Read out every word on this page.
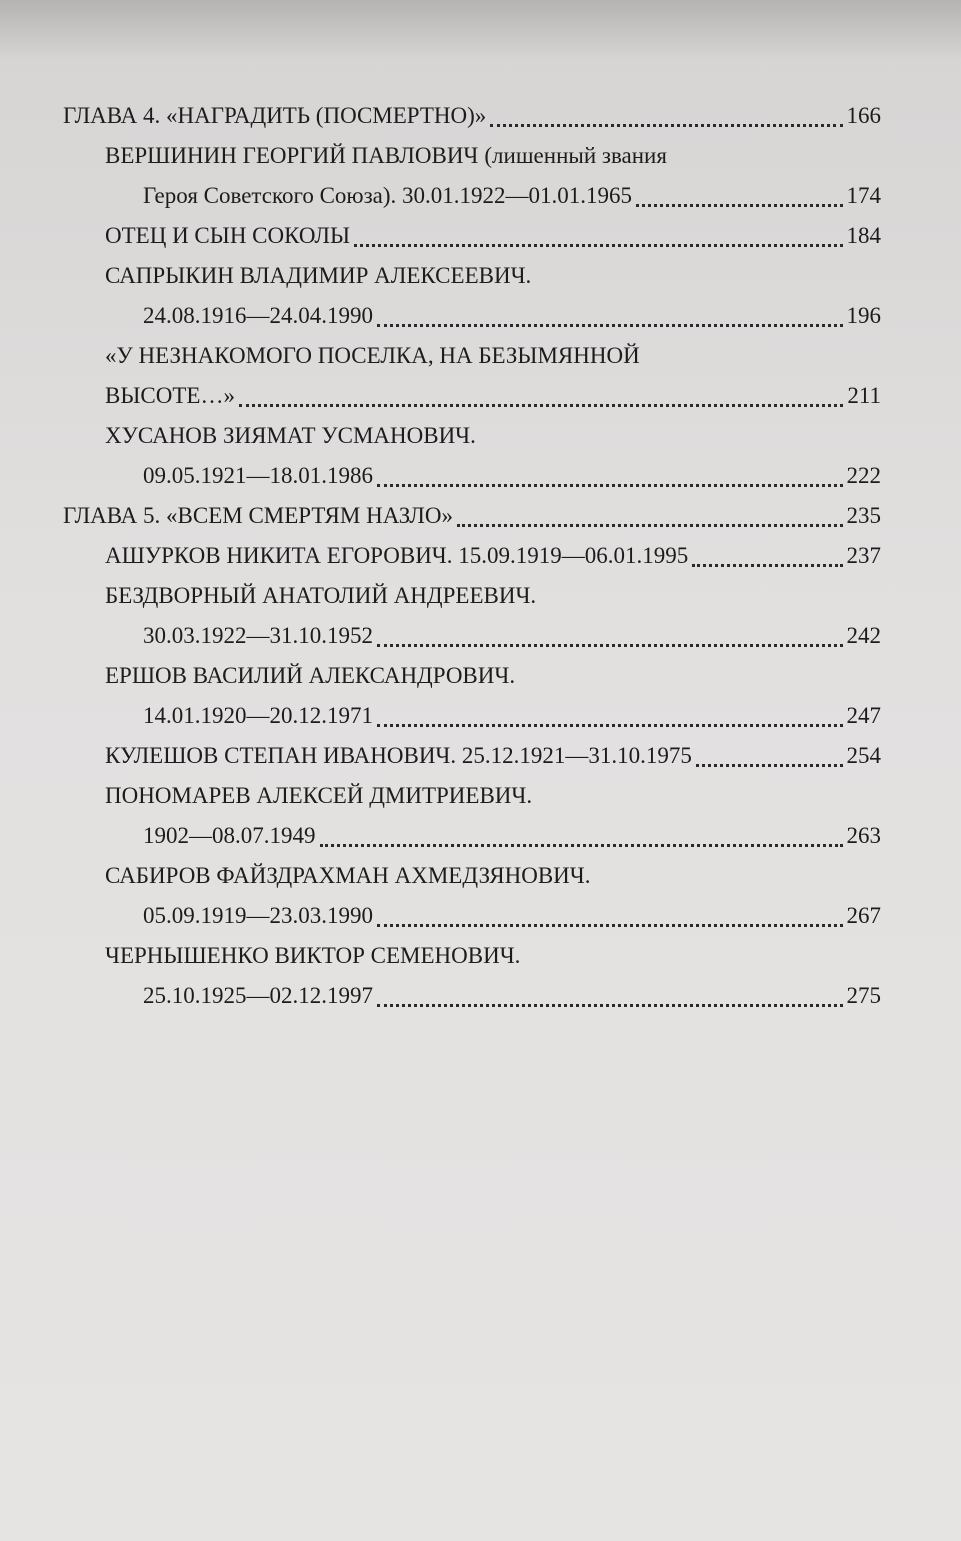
ГЛАВА 4. «НАГРАДИТЬ (ПОСМЕРТНО)»	166
ВЕРШИНИН ГЕОРГИЙ ПАВЛОВИЧ (лишенный звания
Героя Советского Союза). 30.01.1922—01.01.1965	174
ОТЕЦ И СЫН СОКОЛЫ	184
САПРЫКИН ВЛАДИМИР АЛЕКСЕЕВИЧ.
24.08.1916—24.04.1990	196
«У НЕЗНАКОМОГО ПОСЕЛКА, НА БЕЗЫМЯННОЙ
ВЫСОТЕ…»	211
ХУСАНОВ ЗИЯМАТ УСМАНОВИЧ.
09.05.1921—18.01.1986	222
ГЛАВА 5. «ВСЕМ СМЕРТЯМ НАЗЛО»	235
АШУРКОВ НИКИТА ЕГОРОВИЧ. 15.09.1919—06.01.1995	237
БЕЗДВОРНЫЙ АНАТОЛИЙ АНДРЕЕВИЧ.
30.03.1922—31.10.1952	242
ЕРШОВ ВАСИЛИЙ АЛЕКСАНДРОВИЧ.
14.01.1920—20.12.1971	247
КУЛЕШОВ СТЕПАН ИВАНОВИЧ. 25.12.1921—31.10.1975	254
ПОНОМАРЕВ АЛЕКСЕЙ ДМИТРИЕВИЧ.
1902—08.07.1949	263
САБИРОВ ФАЙЗДРАХМАН АХМЕДЗЯНОВИЧ.
05.09.1919—23.03.1990	267
ЧЕРНЫШЕНКО ВИКТОР СЕМЕНОВИЧ.
25.10.1925—02.12.1997	275
